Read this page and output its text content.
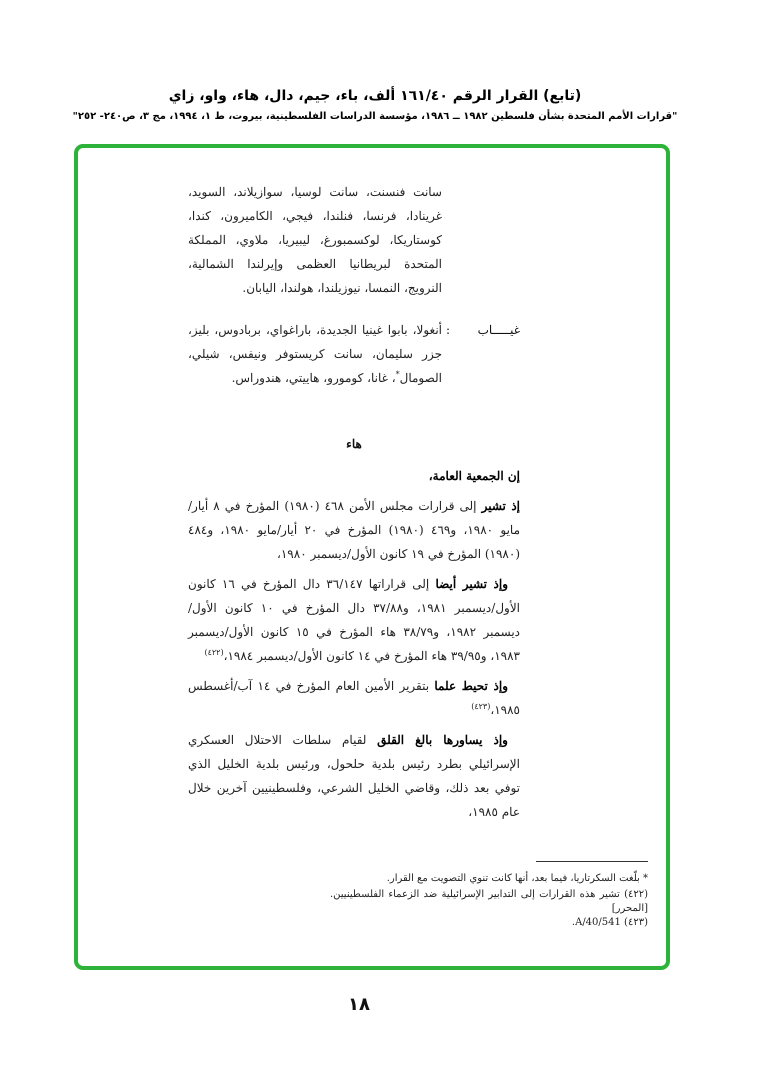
(تابع) القرار الرقم ١٦١/٤٠ ألف، باء، جيم، دال، هاء، واو، زاي
"قرارات الأمم المتحدة بشأن فلسطين ١٩٨٢ ــ ١٩٨٦، مؤسسة الدراسات الفلسطينية، بيروت، ط ١، ١٩٩٤، مج ٣، ص٢٤٠- ٢٥٢"
سانت فنسنت، سانت لوسيا، سوازيلاند، السويد، غرينادا، فرنسا، فنلندا، فيجي، الكاميرون، كندا، كوستاريكا، لوكسمبورغ، ليبيريا، ملاوي، المملكة المتحدة لبريطانيا العظمى وإيرلندا الشمالية، النرويج، النمسا، نيوزيلندا، هولندا، اليابان.
غيـــــاب
:
أنغولا، بابوا غينيا الجديدة، باراغواي، بربادوس، بليز، جزر سليمان، سانت كريستوفر ونيفس، شيلي، الصومال*، غانا، كومورو، هاييتي، هندوراس.
هاء

إن الجمعية العامة،

إذ تشير إلى قرارات مجلس الأمن ٤٦٨ (١٩٨٠) المؤرخ في ٨ أيار/مايو ١٩٨٠، و٤٦٩ (١٩٨٠) المؤرخ في ٢٠ أيار/مايو ١٩٨٠، و٤٨٤ (١٩٨٠) المؤرخ في ١٩ كانون الأول/ديسمبر ١٩٨٠،

وإذ تشير أيضا إلى قراراتها ٣٦/١٤٧ دال المؤرخ في ١٦ كانون الأول/ديسمبر ١٩٨١، و٣٧/٨٨ دال المؤرخ في ١٠ كانون الأول/ديسمبر ١٩٨٢، و٣٨/٧٩ هاء المؤرخ في ١٥ كانون الأول/ديسمبر ١٩٨٣، و٣٩/٩٥ هاء المؤرخ في ١٤ كانون الأول/ديسمبر ١٩٨٤،$^{(٤٢٢)}$

وإذ تحيط علما بتقرير الأمين العام المؤرخ في ١٤ آب/أغسطس ١٩٨٥،$^{(٤٢٣)}$

وإذ يساورها بالغ القلق لقيام سلطات الاحتلال العسكري الإسرائيلي بطرد رئيس بلدية حلحول، ورئيس بلدية الخليل الذي توفي بعد ذلك، وقاضي الخليل الشرعي، وفلسطينيين آخرين خلال عام ١٩٨٥،

* بلّغت السكرتاريا، فيما بعد، أنها كانت تنوي التصويت مع القرار.
(٤٢٢) تشير هذه القرارات إلى التدابير الإسرائيلية ضد الزعماء الفلسطينيين. [المحرر]
(٤٢٣) A/40/541.
١٨
